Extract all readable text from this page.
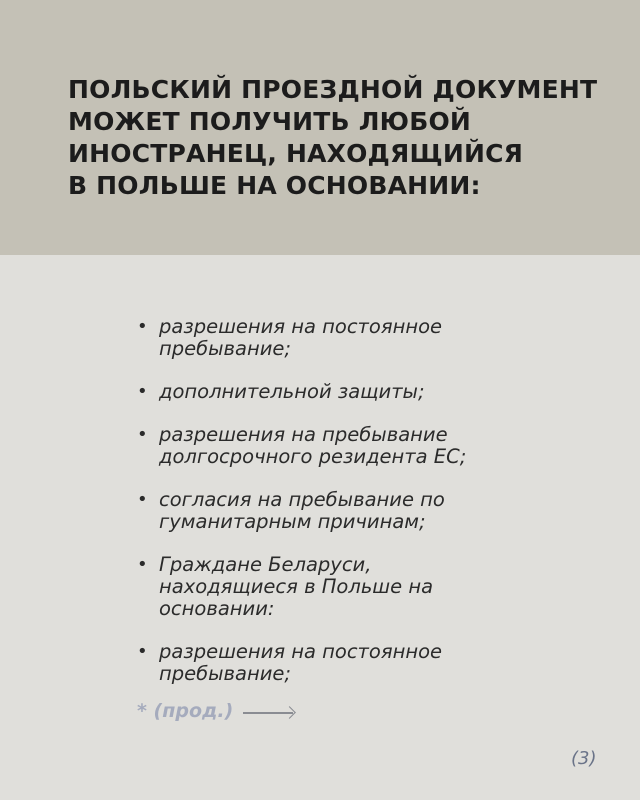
ПОЛЬСКИЙ ПРОЕЗДНОЙ ДОКУМЕНТ
МОЖЕТ ПОЛУЧИТЬ ЛЮБОЙ
ИНОСТРАНЕЦ, НАХОДЯЩИЙСЯ
В ПОЛЬШЕ НА ОСНОВАНИИ:
• разрешения на постоянное
пребывание;
• дополнительной защиты;
• разрешения на пребывание
долгосрочного резидента ЕС;
• согласия на пребывание по
гуманитарным причинам;
• Граждане Беларуси,
находящиеся в Польше на
основании:
• разрешения на постоянное
пребывание;
* (прод.)
(3)
